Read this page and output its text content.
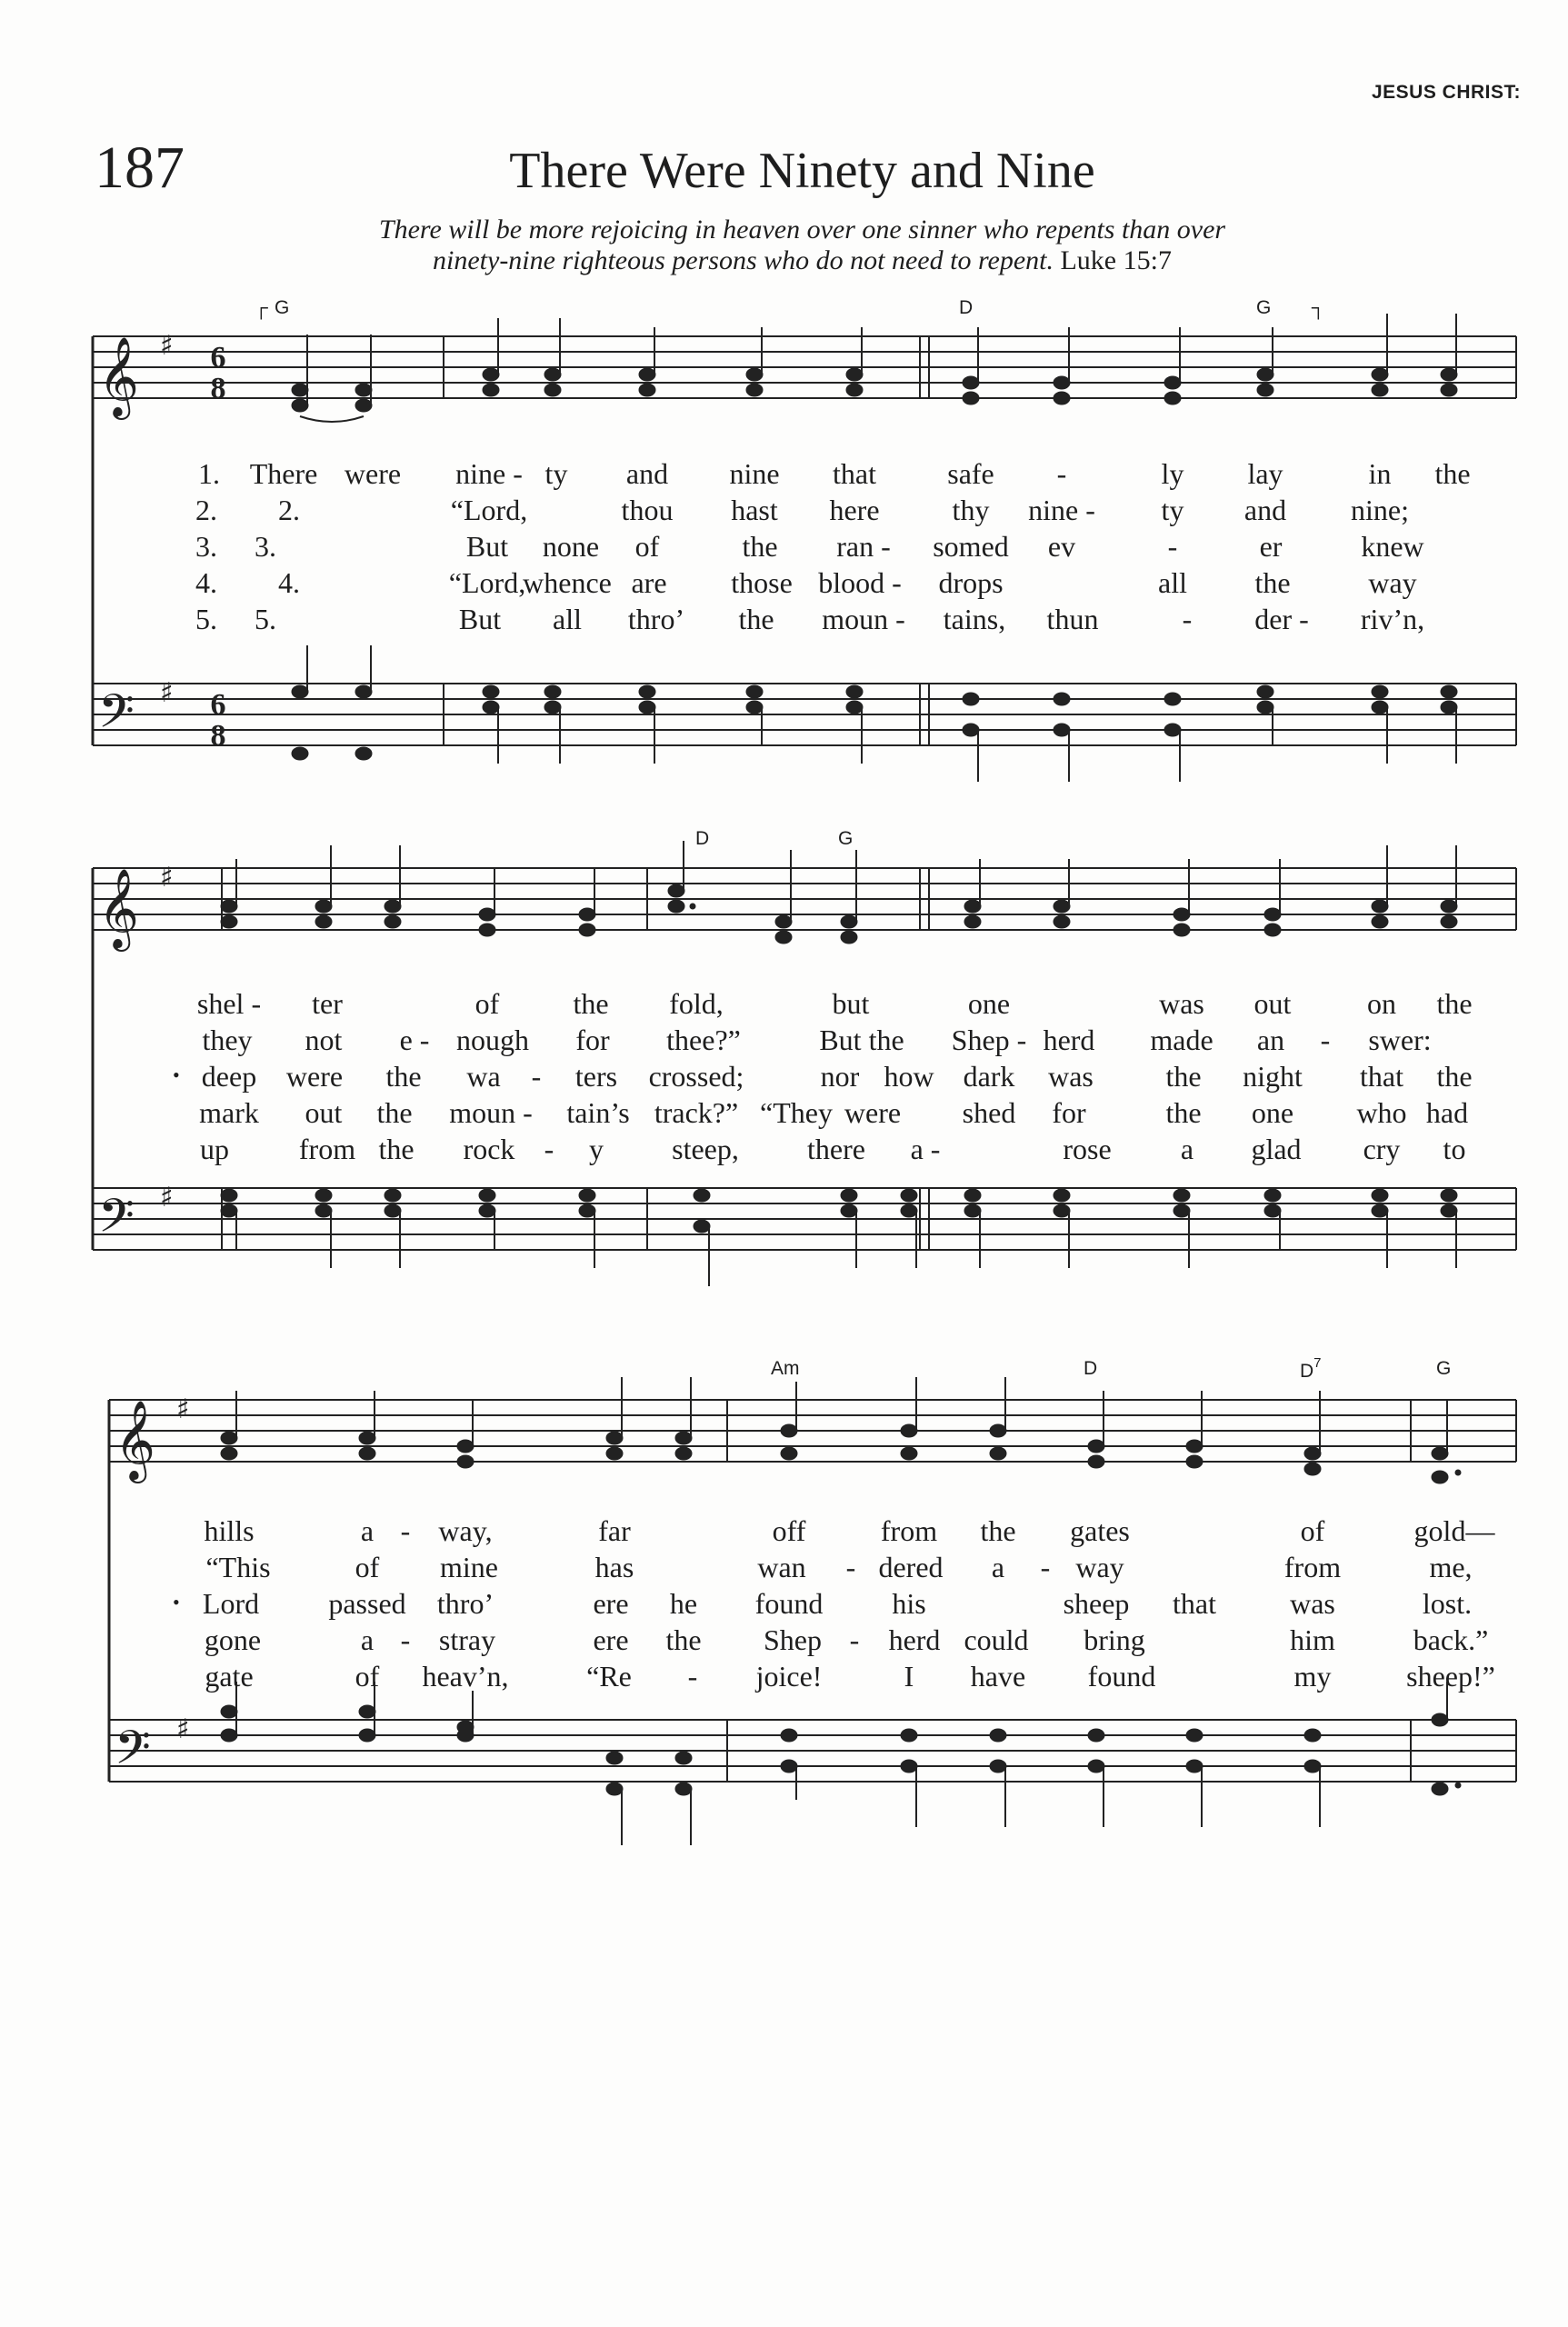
JESUS CHRIST:
187	There Were Ninety and Nine
There will be more rejoicing in heaven over one sinner who repents than over
ninety-nine righteous persons who do not need to repent. Luke 15:7
┌ G	D	G ┐
𝄞
𝄢
♯
♯
6
8
6
8
1. There were nine - ty and nine that safe -	ly lay	in the
2. 2.	“Lord,	thou hast here	thy nine - ty and nine;
3. 3.	But none of	the ran - somed ev	-	er	knew
4. 4.	“Lord,
whence are those blood - drops	all the	way
5. 5.	But all thro’ the moun - tains, thun	- der - riv’n,
D	G
𝄞
𝄢
♯
♯
shel - ter	of	the fold,	but	one	was out	on the
they not e - nough for thee?”	But the Shep - herd made an - swer:
• deep were the wa - ters crossed;	nor how dark was the night that the
mark out the moun - tain’s track?” “They were shed for	the one who had
up from the rock - y steep, there a -	rose a glad cry to
Am	D	$D^7$	G
𝄞
𝄢
♯
♯
hills	a - way,	far	off	from the gates	of	gold—
“This	of mine	has	wan - dered a - way	from	me,
• Lord passed thro’	ere he found his	sheep that	was	lost.
gone	a - stray	ere the Shep - herd could bring	him	back.”
gate	of heav’n,	“Re - joice!	I have found	my	sheep!”
